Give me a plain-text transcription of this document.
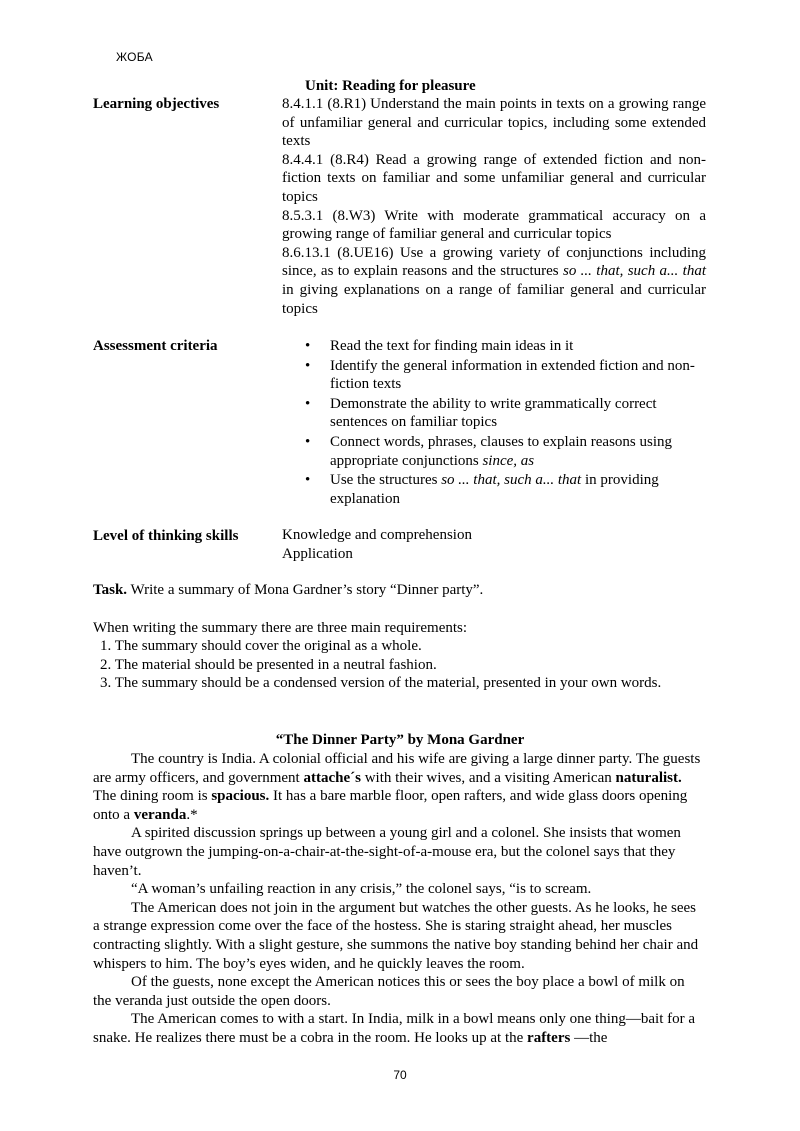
ЖОБА
Unit: Reading for pleasure
Learning objectives	8.4.1.1 (8.R1) Understand the main points in texts on a growing range of unfamiliar general and curricular topics, including some extended texts

8.4.4.1 (8.R4) Read a growing range of extended fiction and non-fiction texts on familiar and some unfamiliar general and curricular topics

8.5.3.1 (8.W3) Write with moderate grammatical accuracy on a growing range of familiar general and curricular topics

8.6.13.1 (8.UE16) Use a growing variety of conjunctions including since, as to explain reasons and the structures so ... that, such a... that in giving explanations on a range of familiar general and curricular topics

Assessment criteria
•	Read the text for finding main ideas in it
• Identify the general information in extended fiction and non-fiction texts
• Demonstrate the ability to write grammatically correct sentences on familiar topics
• Connect words, phrases, clauses to explain reasons using appropriate conjunctions since, as
• Use the structures so ... that, such a... that in providing explanation
Level of thinking skills	Knowledge and comprehension
Application
Task. Write a summary of Mona Gardner’s story “Dinner party”.
When writing the summary there are three main requirements:
1. The summary should cover the original as a whole.
2. The material should be presented in a neutral fashion.
3. The summary should be a condensed version of the material, presented in your own words.
“The Dinner Party” by Mona Gardner

The country is India. A colonial official and his wife are giving a large dinner party. The guests are army officers, and government attache´s with their wives, and a visiting American naturalist. The dining room is spacious. It has a bare marble floor, open rafters, and wide glass doors opening onto a veranda.*

A spirited discussion springs up between a young girl and a colonel. She insists that women have outgrown the jumping-on-a-chair-at-the-sight-of-a-mouse era, but the colonel says that they haven’t.

“A woman’s unfailing reaction in any crisis,” the colonel says, “is to scream.

The American does not join in the argument but watches the other guests. As he looks, he sees a strange expression come over the face of the hostess. She is staring straight ahead, her muscles contracting slightly. With a slight gesture, she summons the native boy standing behind her chair and whispers to him. The boy’s eyes widen, and he quickly leaves the room.

Of the guests, none except the American notices this or sees the boy place a bowl of milk on the veranda just outside the open doors.

The American comes to with a start. In India, milk in a bowl means only one thing—bait for a snake. He realizes there must be a cobra in the room. He looks up at the rafters —the

70
